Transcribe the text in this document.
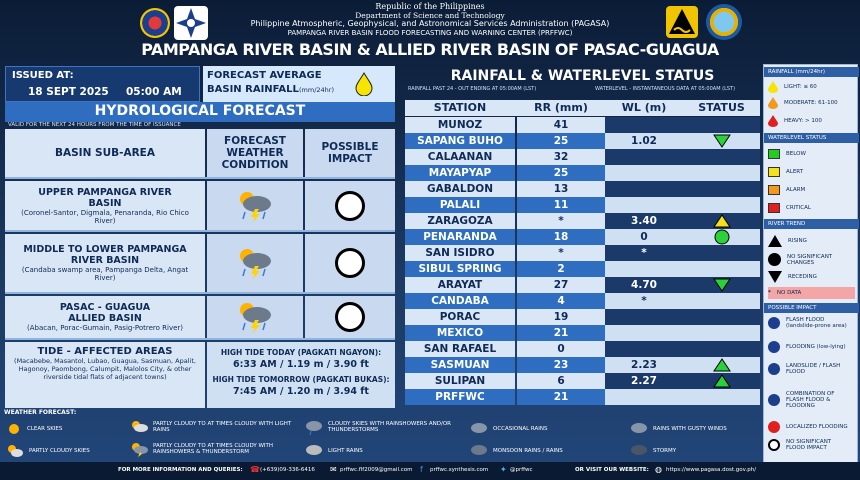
Republic of the Philippines
Department of Science and Technology
Philippine Atmospheric, Geophysical, and Astronomical Services Administration (PAGASA)
PAMPANGA RIVER BASIN FLOOD FORECASTING AND WARNING CENTER (PRFFWC)
PAMPANGA RIVER BASIN & ALLIED RIVER BASIN OF PASAC-GUAGUA
ISSUED AT:
18 SEPT 2025 05:00 AM
FORECAST AVERAGE
BASIN RAINFALL (mm/24hr)
HYDROLOGICAL FORECAST
VALID FOR THE NEXT 24 HOURS FROM THE TIME OF ISSUANCE
BASIN SUB-AREA
FORECAST WEATHER CONDITION
POSSIBLE IMPACT
UPPER PAMPANGA RIVER BASIN
(Coronel-Santor, Digmala, Penaranda, Rio Chico River)
MIDDLE TO LOWER PAMPANGA RIVER BASIN
(Candaba swamp area, Pampanga Delta, Angat River)
PASAC - GUAGUA ALLIED BASIN
(Abacan, Porac-Gumain, Pasig-Potrero River)
TIDE - AFFECTED AREAS
(Macabebe, Masantol, Lubao, Guagua, Sasmuan, Apalit, Hagonoy, Paombong, Calumpit, Malolos City, & other riverside tidal flats of adjacent towns)
HIGH TIDE TODAY (PAGKATI NGAYON):
6:33 AM / 1.19 m / 3.90 ft
HIGH TIDE TOMORROW (PAGKATI BUKAS):
7:45 AM / 1.20 m / 3.94 ft
RAINFALL & WATERLEVEL STATUS
RAINFALL PAST 24 - OUT ENDING AT 05:00AM (LST)	WATERLEVEL - INSTANTANEOUS DATA AT 05:00AM (LST)
STATION	RR (mm)	WL (m)	STATUS
MUNOZ	41
SAPANG BUHO	25	1.02
CALAANAN	32
MAYAPYAP	25
GABALDON	13
PALALI	11
ZARAGOZA	*	3.40
PENARANDA	18	0
SAN ISIDRO	*	*
SIBUL SPRING	2
ARAYAT	27	4.70
CANDABA	4	*
PORAC	19
MEXICO	21
SAN RAFAEL	0
SASMUAN	23	2.23
SULIPAN	6	2.27
PRFFWC	21
RAINFALL (mm/24hr)
LIGHT: ≤ 60
MODERATE: 61-100
HEAVY: > 100
WATERLEVEL STATUS
BELOW
ALERT
ALARM
CRITICAL
RIVER TREND
RISING
NO SIGNIFICANT CHANGES
RECEDING
* NO DATA
POSSIBLE IMPACT
FLASH FLOOD (landslide-prone area)
FLOODING (low-lying)
LANDSLIDE / FLASH FLOOD
COMBINATION OF FLASH FLOOD & FLOODING
LOCALIZED FLOODING
NO SIGNIFICANT FLOOD IMPACT
WEATHER FORECAST:
CLEAR SKIES
PARTLY CLOUDY TO AT TIMES CLOUDY WITH LIGHT RAINS
CLOUDY SKIES WITH RAINSHOWERS AND/OR THUNDERSTORMS	OCCASIONAL RAINS	RAINS WITH GUSTY WINDS
PARTLY CLOUDY SKIES
PARTLY CLOUDY TO AT TIMES CLOUDY WITH RAINSHOWERS & THUNDERSTORM	LIGHT RAINS	MONSOON RAINS / RAINS	STORMY
FOR MORE INFORMATION AND QUERIES: ☎ (+639)09-336-6416 ✉ prffwc.flf2009@gmail.com f prffwc.synthesis.com ✦ @prffwc	OR VISIT OUR WEBSITE: ◍ https://www.pagasa.dost.gov.ph/
